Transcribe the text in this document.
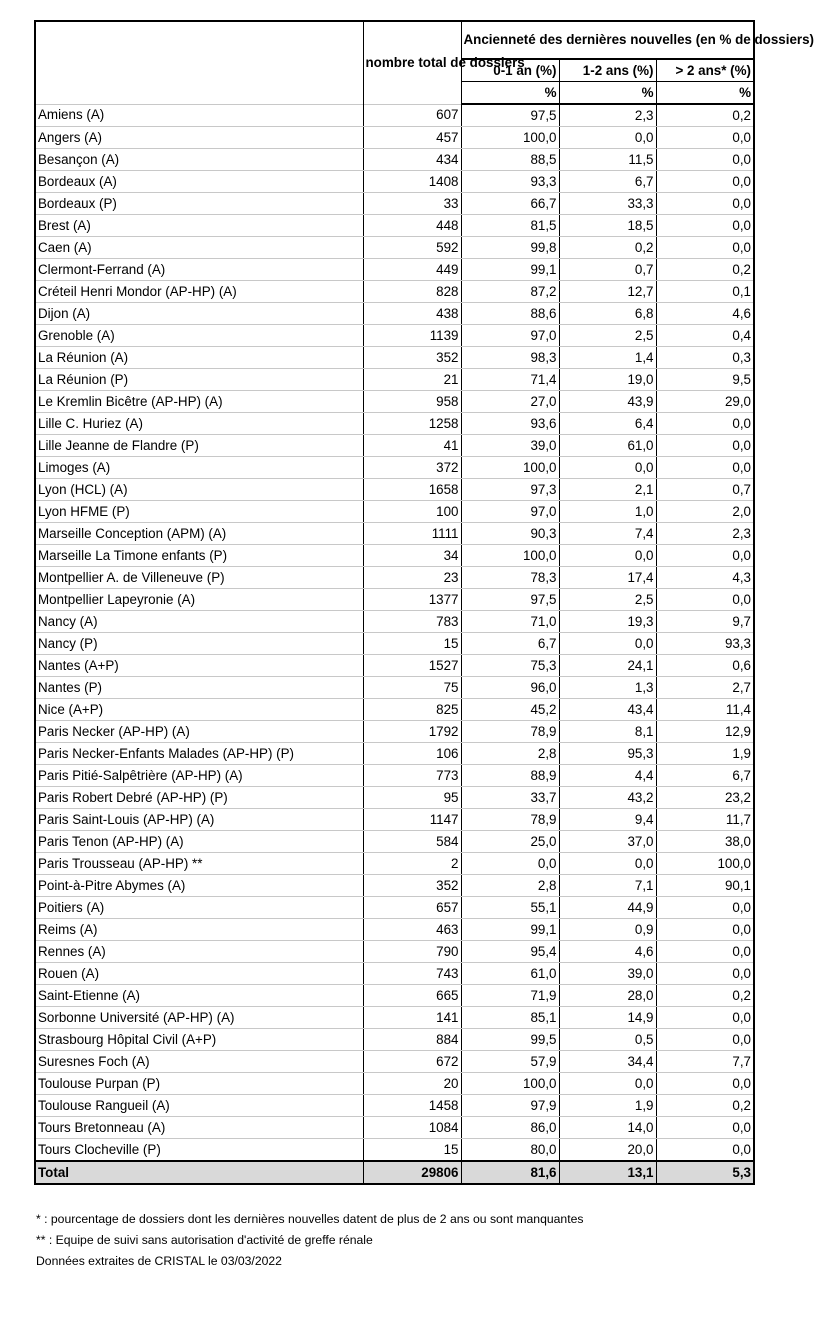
	nombre total de dossiers	Ancienneté des dernières nouvelles (en % de dossiers)		
		0-1 an (%)	1-2 ans (%)	> 2 ans* (%)
		%	%	%
Amiens (A)	607	97,5	2,3	0,2
Angers (A)	457	100,0	0,0	0,0
Besançon (A)	434	88,5	11,5	0,0
Bordeaux (A)	1408	93,3	6,7	0,0
Bordeaux (P)	33	66,7	33,3	0,0
Brest (A)	448	81,5	18,5	0,0
Caen (A)	592	99,8	0,2	0,0
Clermont-Ferrand (A)	449	99,1	0,7	0,2
Créteil Henri Mondor (AP-HP) (A)	828	87,2	12,7	0,1
Dijon (A)	438	88,6	6,8	4,6
Grenoble (A)	1139	97,0	2,5	0,4
La Réunion (A)	352	98,3	1,4	0,3
La Réunion (P)	21	71,4	19,0	9,5
Le Kremlin Bicêtre (AP-HP) (A)	958	27,0	43,9	29,0
Lille C. Huriez (A)	1258	93,6	6,4	0,0
Lille Jeanne de Flandre (P)	41	39,0	61,0	0,0
Limoges (A)	372	100,0	0,0	0,0
Lyon (HCL) (A)	1658	97,3	2,1	0,7
Lyon HFME (P)	100	97,0	1,0	2,0
Marseille Conception (APM) (A)	1111	90,3	7,4	2,3
Marseille La Timone enfants (P)	34	100,0	0,0	0,0
Montpellier A. de Villeneuve (P)	23	78,3	17,4	4,3
Montpellier Lapeyronie (A)	1377	97,5	2,5	0,0
Nancy (A)	783	71,0	19,3	9,7
Nancy (P)	15	6,7	0,0	93,3
Nantes (A+P)	1527	75,3	24,1	0,6
Nantes (P)	75	96,0	1,3	2,7
Nice (A+P)	825	45,2	43,4	11,4
Paris Necker (AP-HP) (A)	1792	78,9	8,1	12,9
Paris Necker-Enfants Malades (AP-HP) (P)	106	2,8	95,3	1,9
Paris Pitié-Salpêtrière (AP-HP) (A)	773	88,9	4,4	6,7
Paris Robert Debré (AP-HP) (P)	95	33,7	43,2	23,2
Paris Saint-Louis (AP-HP) (A)	1147	78,9	9,4	11,7
Paris Tenon (AP-HP) (A)	584	25,0	37,0	38,0
Paris Trousseau (AP-HP) **	2	0,0	0,0	100,0
Point-à-Pitre Abymes (A)	352	2,8	7,1	90,1
Poitiers (A)	657	55,1	44,9	0,0
Reims (A)	463	99,1	0,9	0,0
Rennes (A)	790	95,4	4,6	0,0
Rouen (A)	743	61,0	39,0	0,0
Saint-Etienne (A)	665	71,9	28,0	0,2
Sorbonne Université (AP-HP) (A)	141	85,1	14,9	0,0
Strasbourg Hôpital Civil (A+P)	884	99,5	0,5	0,0
Suresnes Foch (A)	672	57,9	34,4	7,7
Toulouse Purpan (P)	20	100,0	0,0	0,0
Toulouse Rangueil (A)	1458	97,9	1,9	0,2
Tours Bretonneau (A)	1084	86,0	14,0	0,0
Tours Clocheville (P)	15	80,0	20,0	0,0
Total	29806	81,6	13,1	5,3
* : pourcentage de dossiers dont les dernières nouvelles datent de plus de 2 ans ou sont manquantes
** : Equipe de suivi sans autorisation d'activité de greffe rénale
Données extraites de CRISTAL le 03/03/2022
